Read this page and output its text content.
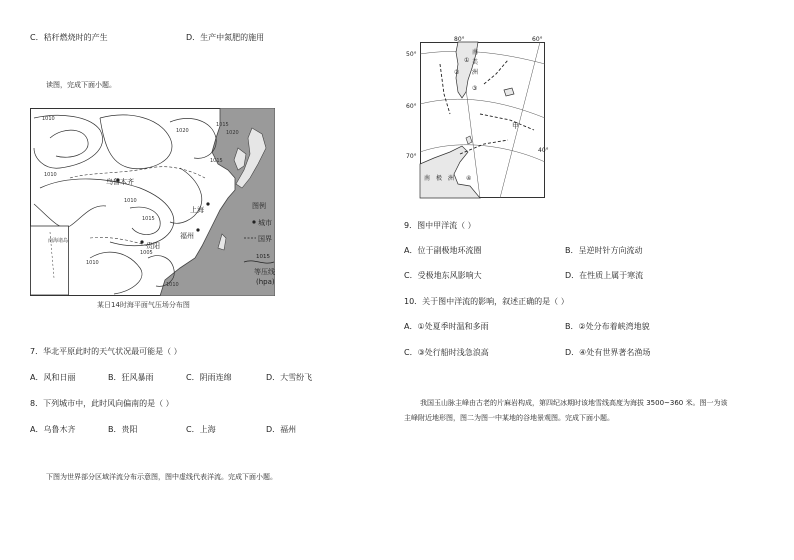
C．秸秆燃烧时的产生	D．生产中氮肥的施用
读图，完成下面小题。
南海诸岛
1010
1010
1020
1015
1020
1015
1010
1015
1010
1005
1010
乌鲁木齐
上海
福州
贵阳
图例
城市
国界
1015
等压线
(hpa)
某日14时海平面气压场分布图
7．华北平原此时的天气状况最可能是（ ）
A．风和日丽	B．狂风暴雨	C．阴雨连绵	D．大雪纷飞
8．下列城市中，此时风向偏南的是（ ）
A．乌鲁木齐	B．贵阳	C．上海	D．福州
下图为世界部分区域洋流分布示意图，图中虚线代表洋流。完成下面小题。
80°	60°
50°
60°
70°
40°
南
美
洲
南 极 洲
甲
①
②
③
④
9．图中甲洋流（ ）
A．位于副极地环流圈	B．呈逆时针方向流动
C．受极地东风影响大	D．在性质上属于寒流
10．关于图中洋流的影响，叙述正确的是（ ）
A．①处夏季时温和多雨	B．②处分布着峡湾地貌
C．③处行船时浅急浪高	D．④处有世界著名渔场
我国玉山脉主峰由古老的片麻岩构成，第四纪冰期时该地雪线高度为海拔 3500~360 米。图一为该
主峰附近地形图，图二为图一中某地的谷地景观图。完成下面小题。
